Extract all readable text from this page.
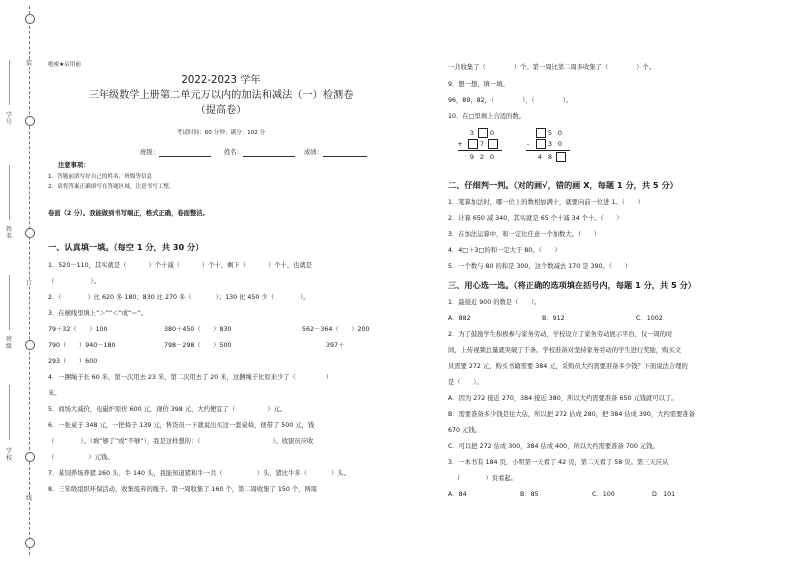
学号
姓名
班级
学校
装
订
线
绝密★启用前
2022-2023 学年
三年级数学上册第二单元万以内的加法和减法（一）检测卷
（提高卷）
考试时间：60 分钟；满分：102 分
班级：	姓名：	成绩：
注意事项：
1．答题前填写好自己的姓名、班级等信息
2．请将答案正确填写在答题区域，注意书写工整。
卷面（2 分）。我能做到书写端正，格式正确，卷面整洁。
一、认真填一填。（每空 1 分，共 30 分）
1．520－110，其实就是（	）个十减（	）个十，剩下（	）个十，也就是
（	）。
2．（	）比 620 多 180；830 比 270 多（	）；130 比 450 少（	）。
3．在横线里填上“＞”“＜”或“＝”。
79＋32（　　）100	380＋450（　　）830	562－364（　　）200
790（　　）940－180	798－298（　　）500	397＋
293（　　）600
4．一捆绳子长 60 米，第一次用去 23 米，第二次用去了 20 米，这捆绳子比原来少了（	）
米。
5．商场大减价，电磁炉原价 600 元，现价 398 元，大约便宜了（	）元。
6．一张桌子 348 元，一把椅子 139 元，售货员一下就说出买这一套桌椅，他带了 500 元，钱
（	）。（填“够了”或“不够”），我是这样想的：（	）。收银员应收
（	）元钱。
7．某饲养场养猪 260 头、牛 140 头，我能知道猪和牛一共（	）头，猪比牛多（	）头。
8．三年级组织环保活动，收集废弃的瓶子。第一周收集了 160 个，第二周收集了 150 个，两周
一共收集了（	）个。第一周比第二周多收集了（	）个。
9．想一想，填一填。
96，89，82，（	），（	）。
10．在□里填上合适的数。
3 0
+	7
9 2 0
5 0
-	3 0
4 8
二、仔细判一判。（对的画√，错的画 X，每题 1 分，共 5 分）
1．笔算加法时，哪一位上的数相加满十，就要向前一位进 1。（　　）
2．计算 650 减 340，其实就是 65 个十减 34 个十。（　　）
3．在加法运算中，和一定比任意一个加数大。（　　）
4．4□＋3□的和一定大于 80。（　　）
5．一个数与 80 的和是 300，这个数减去 170 是 390。（　　）
三、用心选一选。（将正确的选项填在括号内，每题 1 分，共 5 分）
1．最接近 900 的数是（　　）。
A．882	B．912	C．1002
2．为了鼓励学生积极参与家务劳动，学校设立了家务劳动展示平台，仅一周的时
间，上传视频总量就突破了千条。学校准备对坚持家务劳动的学生进行奖励，购买文
具需要 272 元，购买书籍需要 384 元，采购员大约需要准备多少钱？下面说法合理的
是（　　）。
A．因为 272 接近 270，384 接近 380，所以大约需要准备 650 元钱就可以了。
B．需要准备多少钱是往大估，所以把 272 估成 280，把 384 估成 390，大约需要准备
670 元钱。
C．可以把 272 估成 300，384 估成 400，所以大约需要准备 700 元钱。
3．一本书有 184 页，小明第一天看了 42 页，第二天看了 58 页。第三天应从
（　　　　）页看起。
A．84	B．85	C．100	D．101
